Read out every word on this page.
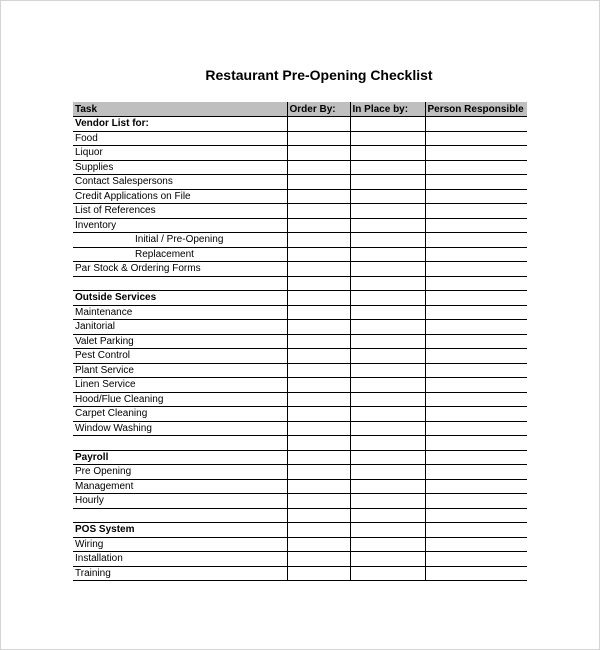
Restaurant Pre-Opening Checklist
Task	Order By:	In Place by:	Person Responsible
Vendor List for:			
Food			
Liquor			
Supplies			
Contact Salespersons			
Credit Applications on File			
List of References			
Inventory			
Initial / Pre-Opening			
Replacement			
Par Stock & Ordering Forms			

Outside Services			
Maintenance			
Janitorial			
Valet Parking			
Pest Control			
Plant Service			
Linen Service			
Hood/Flue Cleaning			
Carpet Cleaning			
Window Washing			

Payroll			
Pre Opening			
Management			
Hourly			

POS System			
Wiring			
Installation			
Training			
